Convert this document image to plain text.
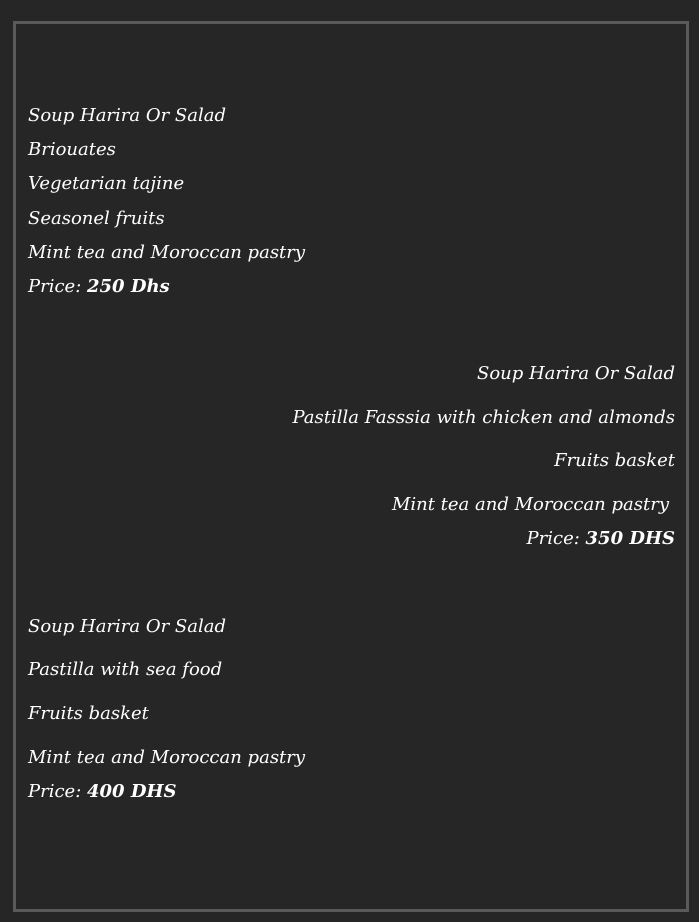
Soup Harira Or Salad
Briouates
Vegetarian tajine
Seasonel fruits
Mint tea and Moroccan pastry
Price: 250 Dhs
Soup Harira Or Salad
Pastilla Fasssia with chicken and almonds
Fruits basket
Mint tea and Moroccan pastry
Price: 350 DHS
Soup Harira Or Salad
Pastilla with sea food
Fruits basket
Mint tea and Moroccan pastry
Price: 400 DHS
